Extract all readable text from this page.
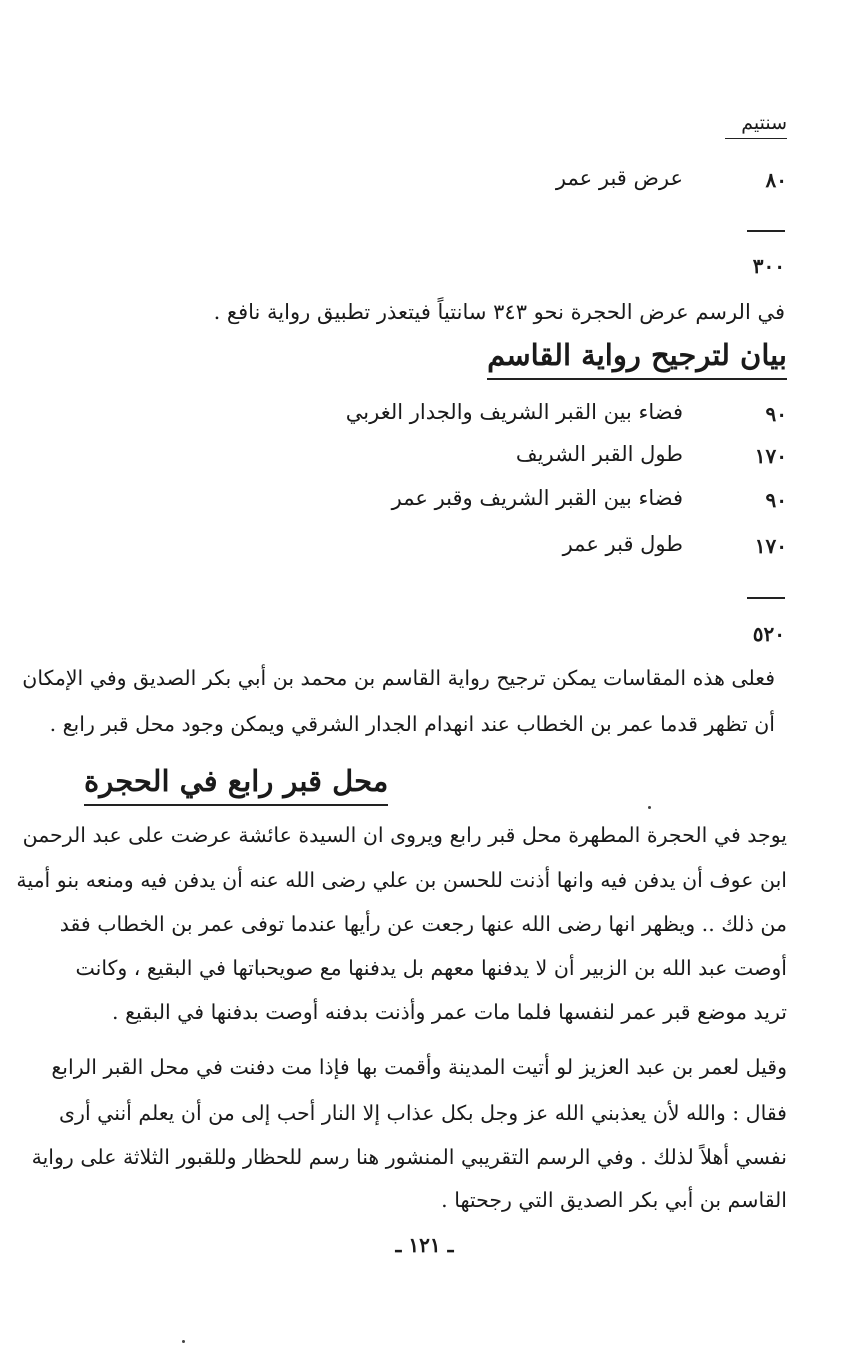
سنتيم
٨٠
عرض قبر عمر
٣٠٠
في الرسم عرض الحجرة نحو ٣٤٣ سانتياً فيتعذر تطبيق رواية نافع .
بيان لترجيح رواية القاسم
٩٠
فضاء بين القبر الشريف والجدار الغربي
١٧٠
طول القبر الشريف
٩٠
فضاء بين القبر الشريف وقبر عمر
١٧٠
طول قبر عمر
٥٢٠
فعلى هذه المقاسات يمكن ترجيح رواية القاسم بن محمد بن أبي بكر الصديق وفي الإمكان
أن تظهر قدما عمر بن الخطاب عند انهدام الجدار الشرقي ويمكن وجود محل قبر رابع .
محل قبر رابع في الحجرة
يوجد في الحجرة المطهرة محل قبر رابع ويروى ان السيدة عائشة عرضت على عبد الرحمن
ابن عوف أن يدفن فيه وانها أذنت للحسن بن علي رضى الله عنه أن يدفن فيه ومنعه بنو أمية
من ذلك .. ويظهر انها رضى الله عنها رجعت عن رأيها عندما توفى عمر بن الخطاب فقد
أوصت عبد الله بن الزبير أن لا يدفنها معهم بل يدفنها مع صويحباتها في البقيع ، وكانت
تريد موضع قبر عمر لنفسها فلما مات عمر وأذنت بدفنه أوصت بدفنها في البقيع .
وقيل لعمر بن عبد العزيز لو أتيت المدينة وأقمت بها فإذا مت دفنت في محل القبر الرابع
فقال : والله لأن يعذبني الله عز وجل بكل عذاب إلا النار أحب إلى من أن يعلم أنني أرى
نفسي أهلاً لذلك . وفي الرسم التقريبي المنشور هنا رسم للحظار وللقبور الثلاثة على رواية
القاسم بن أبي بكر الصديق التي رجحتها .
ـ ١٢١ ـ
